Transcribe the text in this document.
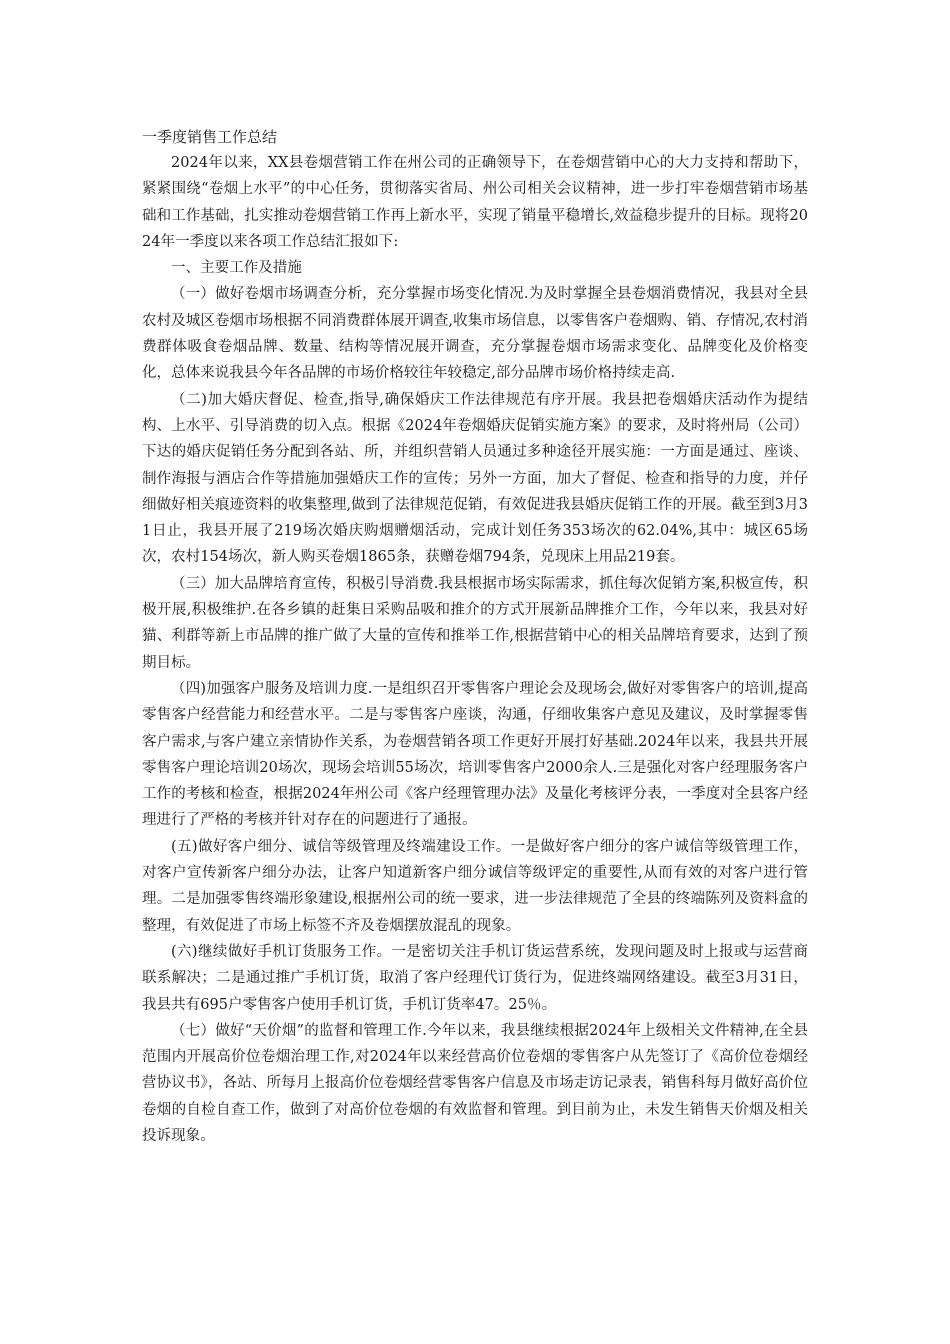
一季度销售工作总结

2024年以来，XX县卷烟营销工作在州公司的正确领导下，在卷烟营销中心的大力支持和帮助下，紧紧围绕“卷烟上水平”的中心任务，贯彻落实省局、州公司相关会议精神，进一步打牢卷烟营销市场基础和工作基础，扎实推动卷烟营销工作再上新水平，实现了销量平稳增长,效益稳步提升的目标。现将2024年一季度以来各项工作总结汇报如下:

一、主要工作及措施

（一）做好卷烟市场调查分析，充分掌握市场变化情况.为及时掌握全县卷烟消费情况，我县对全县农村及城区卷烟市场根据不同消费群体展开调查,收集市场信息，以零售客户卷烟购、销、存情况,农村消费群体吸食卷烟品牌、数量、结构等情况展开调查，充分掌握卷烟市场需求变化、品牌变化及价格变化，总体来说我县今年各品牌的市场价格较往年较稳定,部分品牌市场价格持续走高.

（二)加大婚庆督促、检查,指导,确保婚庆工作法律规范有序开展。我县把卷烟婚庆活动作为提结构、上水平、引导消费的切入点。根据《2024年卷烟婚庆促销实施方案》的要求，及时将州局（公司）下达的婚庆促销任务分配到各站、所，并组织营销人员通过多种途径开展实施：一方面是通过、座谈、制作海报与酒店合作等措施加强婚庆工作的宣传；另外一方面，加大了督促、检查和指导的力度，并仔细做好相关痕迹资料的收集整理,做到了法律规范促销，有效促进我县婚庆促销工作的开展。截至到3月31日止，我县开展了219场次婚庆购烟赠烟活动，完成计划任务353场次的62.04%,其中：城区65场次，农村154场次，新人购买卷烟1865条，获赠卷烟794条，兑现床上用品219套。

（三）加大品牌培育宣传，积极引导消费.我县根据市场实际需求，抓住每次促销方案,积极宣传，积极开展,积极维护.在各乡镇的赶集日采购品吸和推介的方式开展新品牌推介工作，今年以来，我县对好猫、利群等新上市品牌的推广做了大量的宣传和推举工作,根据营销中心的相关品牌培育要求，达到了预期目标。

（四)加强客户服务及培训力度.一是组织召开零售客户理论会及现场会,做好对零售客户的培训,提高零售客户经营能力和经营水平。二是与零售客户座谈，沟通，仔细收集客户意见及建议，及时掌握零售客户需求,与客户建立亲情协作关系，为卷烟营销各项工作更好开展打好基础.2024年以来，我县共开展零售客户理论培训20场次，现场会培训55场次，培训零售客户2000余人.三是强化对客户经理服务客户工作的考核和检查，根据2024年州公司《客户经理管理办法》及量化考核评分表，一季度对全县客户经理进行了严格的考核并针对存在的问题进行了通报。

(五)做好客户细分、诚信等级管理及终端建设工作。一是做好客户细分的客户诚信等级管理工作，对客户宣传新客户细分办法，让客户知道新客户细分诚信等级评定的重要性,从而有效的对客户进行管理。二是加强零售终端形象建设,根据州公司的统一要求，进一步法律规范了全县的终端陈列及资料盒的整理，有效促进了市场上标签不齐及卷烟摆放混乱的现象。

(六)继续做好手机订货服务工作。一是密切关注手机订货运营系统，发现问题及时上报或与运营商联系解决；二是通过推广手机订货，取消了客户经理代订货行为，促进终端网络建设。截至3月31日，我县共有695户零售客户使用手机订货，手机订货率47。25％。

（七）做好“天价烟”的监督和管理工作.今年以来，我县继续根据2024年上级相关文件精神,在全县范围内开展高价位卷烟治理工作,对2024年以来经营高价位卷烟的零售客户从先签订了《高价位卷烟经营协议书》，各站、所每月上报高价位卷烟经营零售客户信息及市场走访记录表，销售科每月做好高价位卷烟的自检自查工作，做到了对高价位卷烟的有效监督和管理。到目前为止，未发生销售天价烟及相关投诉现象。
